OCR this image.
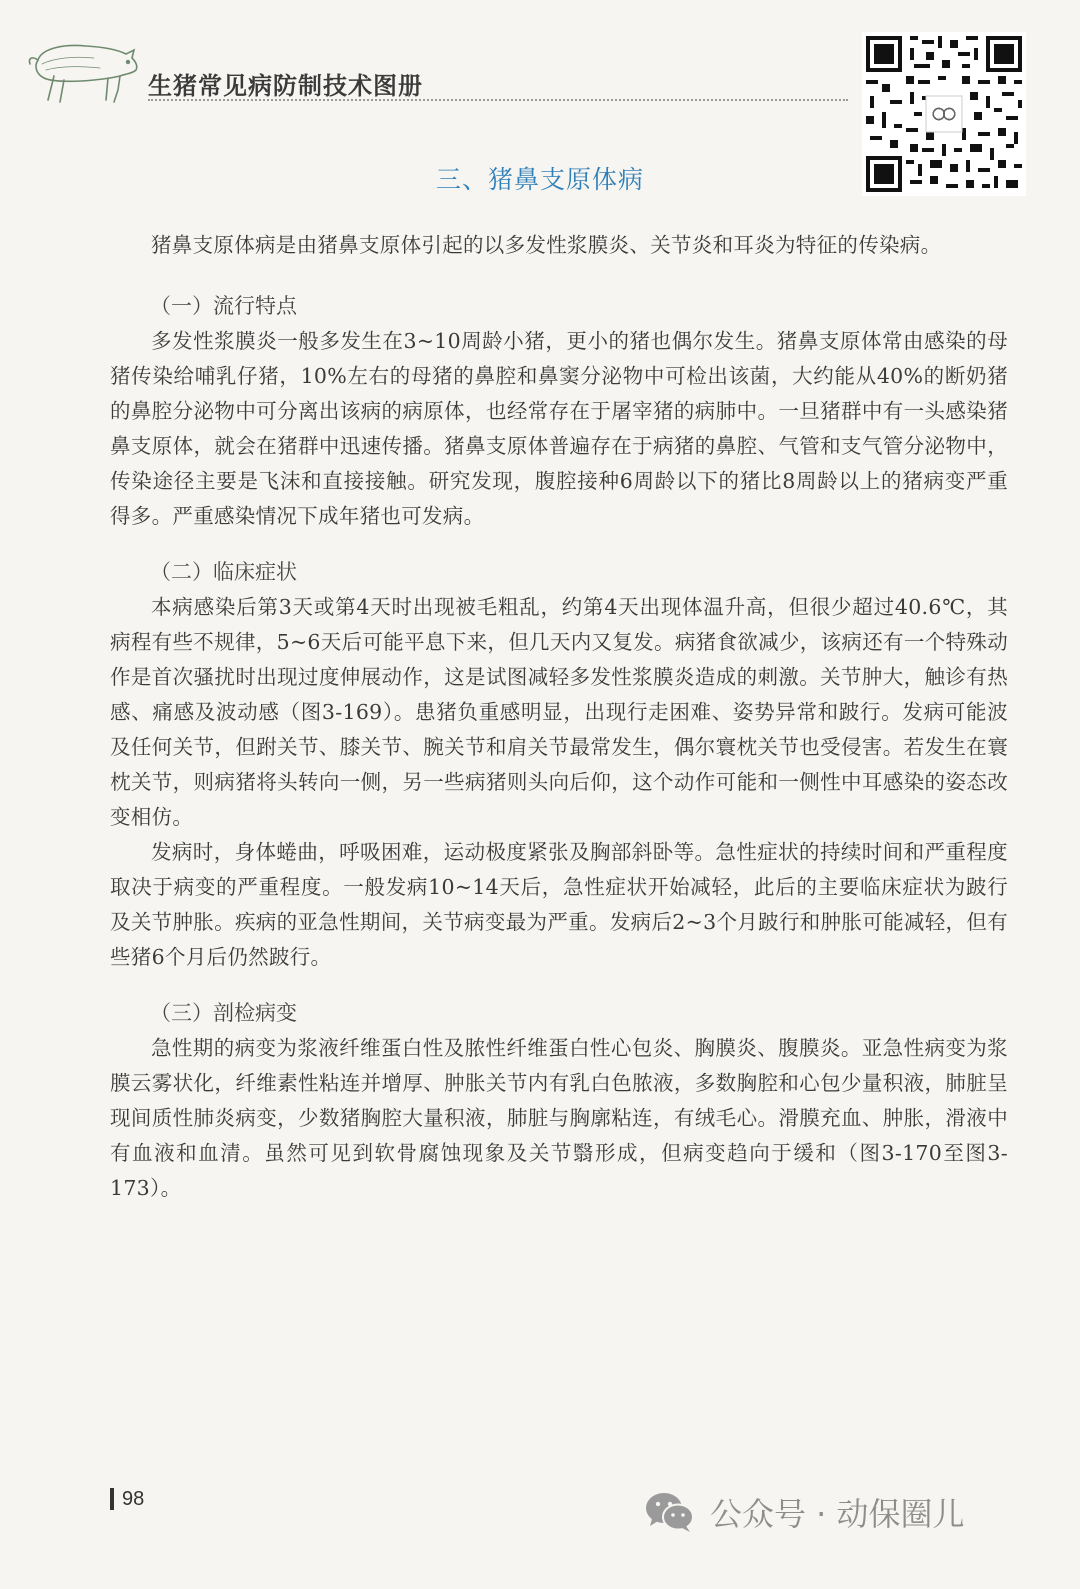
生猪常见病防制技术图册
三、猪鼻支原体病

猪鼻支原体病是由猪鼻支原体引起的以多发性浆膜炎、关节炎和耳炎为特征的传染病。

（一）流行特点

多发性浆膜炎一般多发生在3~10周龄小猪，更小的猪也偶尔发生。猪鼻支原体常由感染的母猪传染给哺乳仔猪，10%左右的母猪的鼻腔和鼻窦分泌物中可检出该菌，大约能从40%的断奶猪的鼻腔分泌物中可分离出该病的病原体，也经常存在于屠宰猪的病肺中。一旦猪群中有一头感染猪鼻支原体，就会在猪群中迅速传播。猪鼻支原体普遍存在于病猪的鼻腔、气管和支气管分泌物中，传染途径主要是飞沫和直接接触。研究发现，腹腔接种6周龄以下的猪比8周龄以上的猪病变严重得多。严重感染情况下成年猪也可发病。

（二）临床症状

本病感染后第3天或第4天时出现被毛粗乱，约第4天出现体温升高，但很少超过40.6℃，其病程有些不规律，5~6天后可能平息下来，但几天内又复发。病猪食欲减少，该病还有一个特殊动作是首次骚扰时出现过度伸展动作，这是试图减轻多发性浆膜炎造成的刺激。关节肿大，触诊有热感、痛感及波动感（图3-169）。患猪负重感明显，出现行走困难、姿势异常和跛行。发病可能波及任何关节，但跗关节、膝关节、腕关节和肩关节最常发生，偶尔寰枕关节也受侵害。若发生在寰枕关节，则病猪将头转向一侧，另一些病猪则头向后仰，这个动作可能和一侧性中耳感染的姿态改变相仿。

发病时，身体蜷曲，呼吸困难，运动极度紧张及胸部斜卧等。急性症状的持续时间和严重程度取决于病变的严重程度。一般发病10~14天后，急性症状开始减轻，此后的主要临床症状为跛行及关节肿胀。疾病的亚急性期间，关节病变最为严重。发病后2~3个月跛行和肿胀可能减轻，但有些猪6个月后仍然跛行。

（三）剖检病变

急性期的病变为浆液纤维蛋白性及脓性纤维蛋白性心包炎、胸膜炎、腹膜炎。亚急性病变为浆膜云雾状化，纤维素性粘连并增厚、肿胀关节内有乳白色脓液，多数胸腔和心包少量积液，肺脏呈现间质性肺炎病变，少数猪胸腔大量积液，肺脏与胸廓粘连，有绒毛心。滑膜充血、肿胀，滑液中有血液和血清。虽然可见到软骨腐蚀现象及关节翳形成，但病变趋向于缓和（图3-170至图3-173）。

98	公众号 · 动保圈儿
